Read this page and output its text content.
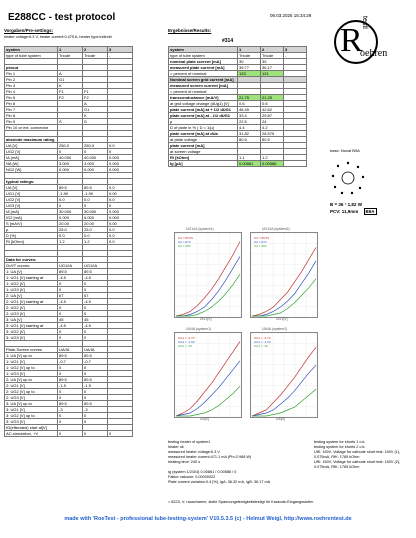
E288CC - test protocol	06.03.2025 15:34:29
Vorgaben/Pre-settings:
heater voltage:6.3 V, heater current:0.475 A, heater type:indirekt
Ergebnisse/Results:
#314
system	1	2	3
type of tube system	Triode	Triode	-

pinout			
Pin 1	A		
Pin 2	G1		
Pin 3	K		
Pin 4	F1	F1	
Pin 5	F2	F2	
Pin 6		A	
Pin 7		G1	
Pin 8		K	
Pin 9	S	S	
Pin 10 or ext. connector			

absolute maximum rating			
UA [V]	250.0	250.0	0.0
UG2 [V]	0	0	0
IA [mA]	40.000	40.000	0.000
NA [W]	3.000	3.000	0.000
NG2 [W]	0.000	0.000	0.000

typical ratings:			
UA [V]	89.5	89.5	0.0
UG1 [V]	-1.90	-1.90	0.00
UG2 [V]	0.0	0.0	0.0
UG3 [V]	0	0	0
IA [mA]	30.000	30.000	0.000
IG2 [mA]	0.000	0.000	0.000
S [mA/V]	20.00	20.00	0.00
µ	25.0	25.0	0.0
D [%]	0.0	0.0	0.0
Ri [kOhm]	1.2	1.2	0.0

Data for curves:			
Gr/I/T curves:	UG1/IA	UG1/IA	
1: UA [V]	89.5	89.5	
1: UG1 [V] starting at	-4.5	-4.5	
1: UG2 [V]	0	0	
1: UG3 [V]	0	0	
2: UA [V]	67	67	
2: UG1 [V] starting at	-4.5	-4.5	
2: UG2 [V]	0	0	
2: UG3 [V]	0	0	
3: UA [V]	45	45	
3: UG1 [V] starting at	-4.5	-4.5	
3: UG2 [V]	0	0	
3: UG3 [V]	0	0	

Plate-Screen curves	UA/IA	UA/IA	
1: UA [V] up to	89.5	89.5	
1: UG1 [V]	-0.7	-0.7	
1: UG2 [V] up to	0	0	
1: UG3 [V]	0	0	
2: UA [V] up to	89.5	89.5	
2: UG1 [V]	-1.5	-1.5	
2: UG2 [V] up to	0	0	
2: UG3 [V]	0	0	
3: UA [V] up to	89.5	89.5	
3: UG1 [V]	-3	-3	
3: UG2 [V] up to	0	0	
3: UG3 [V]	0	0	
fG(efferated) start at[V]			
AC-simulation, +V	0	0	0
system	1	2	3
type of tube system	Triode	Triode	-
nominal plate current [mA]	30	30	
measured plate current [mA]	39.77	36.17	
= percent of nominal	133	121	
Nominal screen grid current [mA]			
measured screen current [mA]			
= percent of nominal			
transconductance [mA/V]	21.75	21.25	
at grid voltage change (dUg1) [V]	0.6	0.6	
plate current [mA] at + 1/2 dUG1	46.45	42.62	
plate current [mA] at - 1/2 dUG1	33.4	29.87	
µ	22.5	24	
D of plate in % ( D = 1/µ)	4.4	4.2	
plate current [mA] at dUa	31.82	28.575	
at plate voltage	80.5	80.5	
plate current [mA]			
at screen voltage			
Ri [kOhm]	1.1	1.2	
Ig [µA]	0.00861	0.00586	
R
oehren
testl
base: Noval B9A
B = 36 ° 1,82 W
PCV: 11,9mm B9A
UG1/IA (system1)
UA = 89.5V
UA = 67V
UA = 45V
UG1[V]
UG1/IA (system2)
UA = 89.5V
UA = 67V
UA = 45V
UG1[V]
UA/IA (system1)
UG1 = -0.7V
UG1 = -1.5V
UG1 = -3V
UA[V]
UA/IA (system2)
UG1 = -0.7V
UG1 = -1.5V
UG1 = -3V
UA[V]
testing heater of system1
heater ok
measured heater voltage:6.3 V
measured heater current:471.1 mA (Ph=2.968 W)
heating time: 240 s

Ig (system 1/2/3/4) 0.00861 / 0.00586 / 0
Faktor vakuum: 0.00000022
Plate current variation:0.4 [%], IgA: 36.32 mA, IgB: 36.17 mA
testing system for shorts 1 o.k.
testing system for shorts 2 o.k.
UfK: 150V, Voltage for cathode short test: 150V (1),
0.075mA, RfK: 1765 kOhm
UfK: 150V, Voltage for cathode short test: 150V (2),
0.075mA, RfK: 1765 kOhm
= 8223, V: rauscharme, stelle Spannungsfestigkeitsfestigt für Kaskode-Eingangsstufen
made with 'RoeTest - professional tube-testing-system' V10.5.3.5 (c) - Helmut Weigl, http://www.roehrentest.de
